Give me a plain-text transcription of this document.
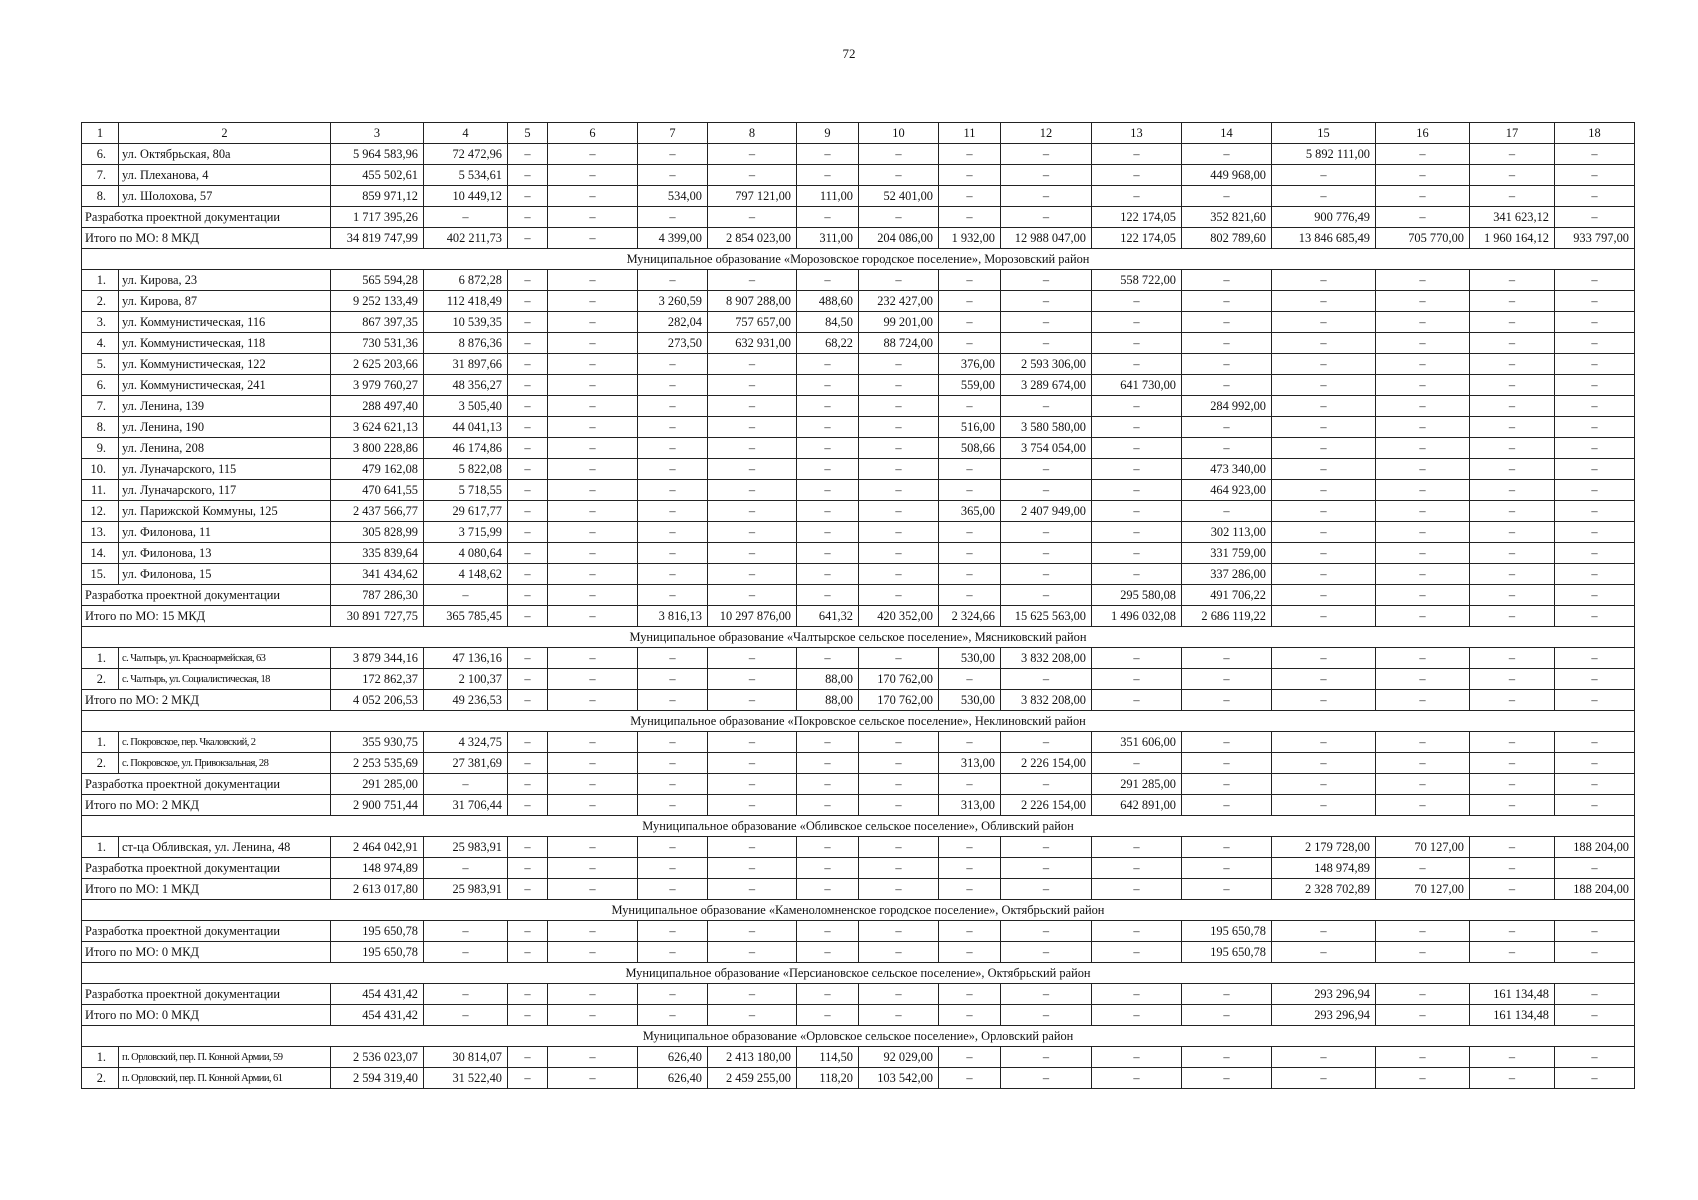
72
1	2	3	4	5	6	7	8	9	10	11	12	13	14	15	16	17	18
6.	ул. Октябрьская, 80а	5 964 583,96	72 472,96	–	–	–	–	–	–	–	–	–	–	5 892 111,00	–	–	–
7.	ул. Плеханова, 4	455 502,61	5 534,61	–	–	–	–	–	–	–	–	–	449 968,00	–	–	–	–
8.	ул. Шолохова, 57	859 971,12	10 449,12	–	–	534,00	797 121,00	111,00	52 401,00	–	–	–	–	–	–	–	–
Разработка проектной документации		1 717 395,26	–	–	–	–	–	–	–	–	–	122 174,05	352 821,60	900 776,49	–	341 623,12	–
Итого по МО: 8 МКД		34 819 747,99	402 211,73	–	–	4 399,00	2 854 023,00	311,00	204 086,00	1 932,00	12 988 047,00	122 174,05	802 789,60	13 846 685,49	705 770,00	1 960 164,12	933 797,00
Муниципальное образование «Морозовское городское поселение», Морозовский район																	
1.	ул. Кирова, 23	565 594,28	6 872,28	–	–	–	–	–	–	–	–	558 722,00	–	–	–	–	–
2.	ул. Кирова, 87	9 252 133,49	112 418,49	–	–	3 260,59	8 907 288,00	488,60	232 427,00	–	–	–	–	–	–	–	–
3.	ул. Коммунистическая, 116	867 397,35	10 539,35	–	–	282,04	757 657,00	84,50	99 201,00	–	–	–	–	–	–	–	–
4.	ул. Коммунистическая, 118	730 531,36	8 876,36	–	–	273,50	632 931,00	68,22	88 724,00	–	–	–	–	–	–	–	–
5.	ул. Коммунистическая, 122	2 625 203,66	31 897,66	–	–	–	–	–	–	376,00	2 593 306,00	–	–	–	–	–	–
6.	ул. Коммунистическая, 241	3 979 760,27	48 356,27	–	–	–	–	–	–	559,00	3 289 674,00	641 730,00	–	–	–	–	–
7.	ул. Ленина, 139	288 497,40	3 505,40	–	–	–	–	–	–	–	–	–	284 992,00	–	–	–	–
8.	ул. Ленина, 190	3 624 621,13	44 041,13	–	–	–	–	–	–	516,00	3 580 580,00	–	–	–	–	–	–
9.	ул. Ленина, 208	3 800 228,86	46 174,86	–	–	–	–	–	–	508,66	3 754 054,00	–	–	–	–	–	–
10.	ул. Луначарского, 115	479 162,08	5 822,08	–	–	–	–	–	–	–	–	–	473 340,00	–	–	–	–
11.	ул. Луначарского, 117	470 641,55	5 718,55	–	–	–	–	–	–	–	–	–	464 923,00	–	–	–	–
12.	ул. Парижской Коммуны, 125	2 437 566,77	29 617,77	–	–	–	–	–	–	365,00	2 407 949,00	–	–	–	–	–	–
13.	ул. Филонова, 11	305 828,99	3 715,99	–	–	–	–	–	–	–	–	–	302 113,00	–	–	–	–
14.	ул. Филонова, 13	335 839,64	4 080,64	–	–	–	–	–	–	–	–	–	331 759,00	–	–	–	–
15.	ул. Филонова, 15	341 434,62	4 148,62	–	–	–	–	–	–	–	–	–	337 286,00	–	–	–	–
Разработка проектной документации		787 286,30	–	–	–	–	–	–	–	–	–	295 580,08	491 706,22	–	–	–	–
Итого по МО: 15 МКД		30 891 727,75	365 785,45	–	–	3 816,13	10 297 876,00	641,32	420 352,00	2 324,66	15 625 563,00	1 496 032,08	2 686 119,22	–	–	–	–
Муниципальное образование «Чалтырское сельское поселение», Мясниковский район																	
1.	с. Чалтырь, ул. Красноармейская, 63	3 879 344,16	47 136,16	–	–	–	–	–	–	530,00	3 832 208,00	–	–	–	–	–	–
2.	с. Чалтырь, ул. Социалистическая, 18	172 862,37	2 100,37	–	–	–	–	88,00	170 762,00	–	–	–	–	–	–	–	–
Итого по МО: 2 МКД		4 052 206,53	49 236,53	–	–	–	–	88,00	170 762,00	530,00	3 832 208,00	–	–	–	–	–	–
Муниципальное образование «Покровское сельское поселение», Неклиновский район																	
1.	с. Покровское, пер. Чкаловский, 2	355 930,75	4 324,75	–	–	–	–	–	–	–	–	351 606,00	–	–	–	–	–
2.	с. Покровское, ул. Привокзальная, 28	2 253 535,69	27 381,69	–	–	–	–	–	–	313,00	2 226 154,00	–	–	–	–	–	–
Разработка проектной документации		291 285,00	–	–	–	–	–	–	–	–	–	291 285,00	–	–	–	–	–
Итого по МО: 2 МКД		2 900 751,44	31 706,44	–	–	–	–	–	–	313,00	2 226 154,00	642 891,00	–	–	–	–	–
Муниципальное образование «Обливское сельское поселение», Обливский район																	
1.	ст-ца Обливская, ул. Ленина, 48	2 464 042,91	25 983,91	–	–	–	–	–	–	–	–	–	–	2 179 728,00	70 127,00	–	188 204,00
Разработка проектной документации		148 974,89	–	–	–	–	–	–	–	–	–	–	–	148 974,89	–	–	–
Итого по МО: 1 МКД		2 613 017,80	25 983,91	–	–	–	–	–	–	–	–	–	–	2 328 702,89	70 127,00	–	188 204,00
Муниципальное образование «Каменоломненское городское поселение», Октябрьский район																	
Разработка проектной документации		195 650,78	–	–	–	–	–	–	–	–	–	–	195 650,78	–	–	–	–
Итого по МО: 0 МКД		195 650,78	–	–	–	–	–	–	–	–	–	–	195 650,78	–	–	–	–
Муниципальное образование «Персиановское сельское поселение», Октябрьский район																	
Разработка проектной документации		454 431,42	–	–	–	–	–	–	–	–	–	–	–	293 296,94	–	161 134,48	–
Итого по МО: 0 МКД		454 431,42	–	–	–	–	–	–	–	–	–	–	–	293 296,94	–	161 134,48	–
Муниципальное образование «Орловское сельское поселение», Орловский район																	
1.	п. Орловский, пер. П. Конной Армии, 59	2 536 023,07	30 814,07	–	–	626,40	2 413 180,00	114,50	92 029,00	–	–	–	–	–	–	–	–
2.	п. Орловский, пер. П. Конной Армии, 61	2 594 319,40	31 522,40	–	–	626,40	2 459 255,00	118,20	103 542,00	–	–	–	–	–	–	–	–
